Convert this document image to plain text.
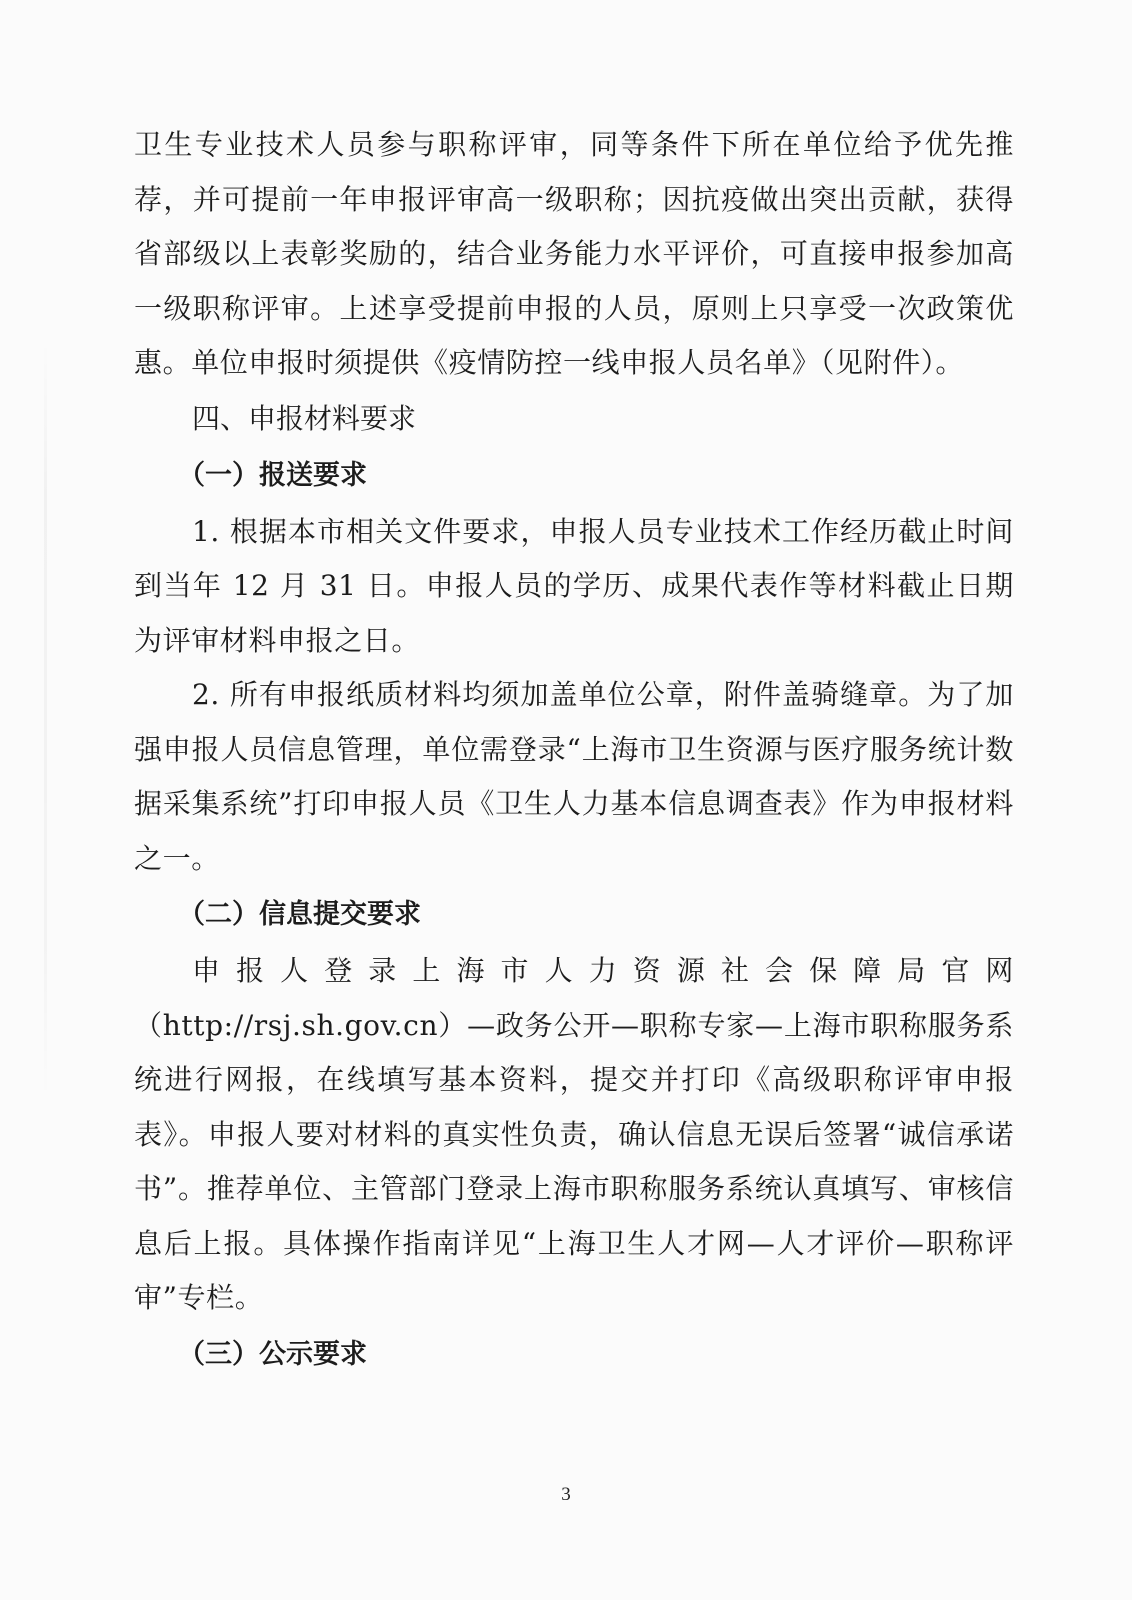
卫生专业技术人员参与职称评审，同等条件下所在单位给予优先推荐，并可提前一年申报评审高一级职称；因抗疫做出突出贡献，获得省部级以上表彰奖励的，结合业务能力水平评价，可直接申报参加高一级职称评审。上述享受提前申报的人员，原则上只享受一次政策优惠。单位申报时须提供《疫情防控一线申报人员名单》（见附件）。

四、申报材料要求

（一）报送要求

1. 根据本市相关文件要求，申报人员专业技术工作经历截止时间到当年 12 月 31 日。申报人员的学历、成果代表作等材料截止日期为评审材料申报之日。

2. 所有申报纸质材料均须加盖单位公章，附件盖骑缝章。为了加强申报人员信息管理，单位需登录“上海市卫生资源与医疗服务统计数据采集系统”打印申报人员《卫生人力基本信息调查表》作为申报材料之一。

（二）信息提交要求

申报人登录上海市人力资源社会保障局官网（http://rsj.sh.gov.cn）—政务公开—职称专家—上海市职称服务系统进行网报，在线填写基本资料，提交并打印《高级职称评审申报表》。申报人要对材料的真实性负责，确认信息无误后签署“诚信承诺书”。推荐单位、主管部门登录上海市职称服务系统认真填写、审核信息后上报。具体操作指南详见“上海卫生人才网—人才评价—职称评审”专栏。

（三）公示要求

3
